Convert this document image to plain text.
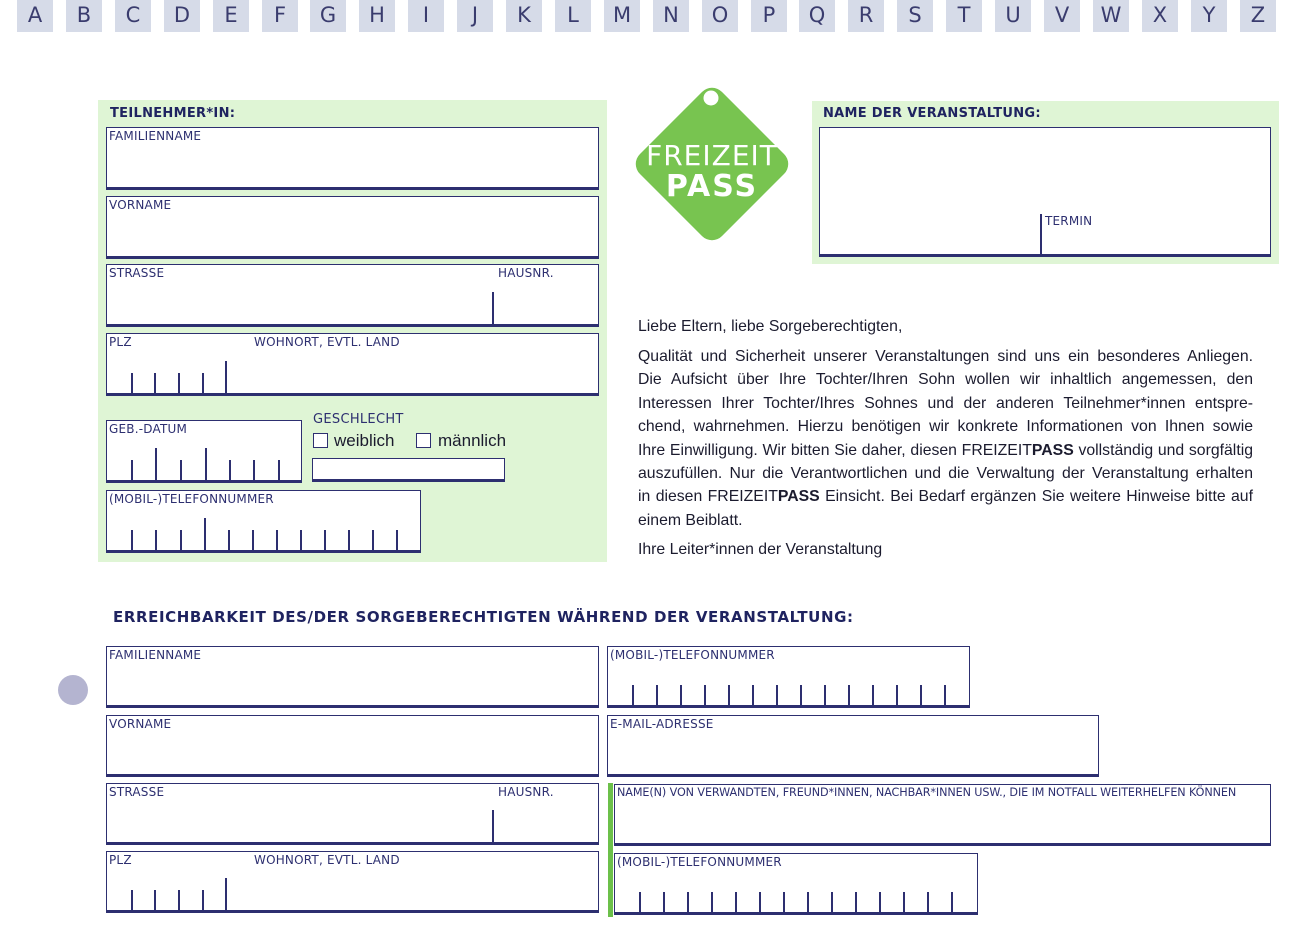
A	B	C	D	E	F	G	H	I	J	K	L	M	N	O	P	Q	R	S	T	U	V	W	X	Y	Z
FREIZEIT
PASS
TEILNEHMER*IN:
FAMILIENNAME
VORNAME
STRASSE	HAUSNR.
PLZ	WOHNORT, EVTL. LAND
GEB.-DATUM
GESCHLECHT
weiblich	männlich
(MOBIL-)TELEFONNUMMER
NAME DER VERANSTALTUNG:
TERMIN
Liebe Eltern, liebe Sorgeberechtigten,
Qualität und Sicherheit unserer Veranstaltungen sind uns ein besonderes Anliegen.
Die Aufsicht über Ihre Tochter/Ihren Sohn wollen wir inhaltlich angemessen, den
Interessen Ihrer Tochter/Ihres Sohnes und der anderen Teilnehmer*innen entspre-
chend, wahrnehmen. Hierzu benötigen wir konkrete Informationen von Ihnen sowie
Ihre Einwilligung. Wir bitten Sie daher, diesen FREIZEITPASS vollständig und sorgfältig
auszufüllen. Nur die Verantwortlichen und die Verwaltung der Veranstaltung erhalten
in diesen FREIZEITPASS Einsicht. Bei Bedarf ergänzen Sie weitere Hinweise bitte auf
einem Beiblatt.
Ihre Leiter*innen der Veranstaltung
ERREICHBARKEIT DES/DER SORGEBERECHTIGTEN WÄHREND DER VERANSTALTUNG:
FAMILIENNAME
VORNAME
STRASSE	HAUSNR.
PLZ	WOHNORT, EVTL. LAND
(MOBIL-)TELEFONNUMMER
E-MAIL-ADRESSE
NAME(N) VON VERWANDTEN, FREUND*INNEN, NACHBAR*INNEN USW., DIE IM NOTFALL WEITERHELFEN KÖNNEN
(MOBIL-)TELEFONNUMMER
